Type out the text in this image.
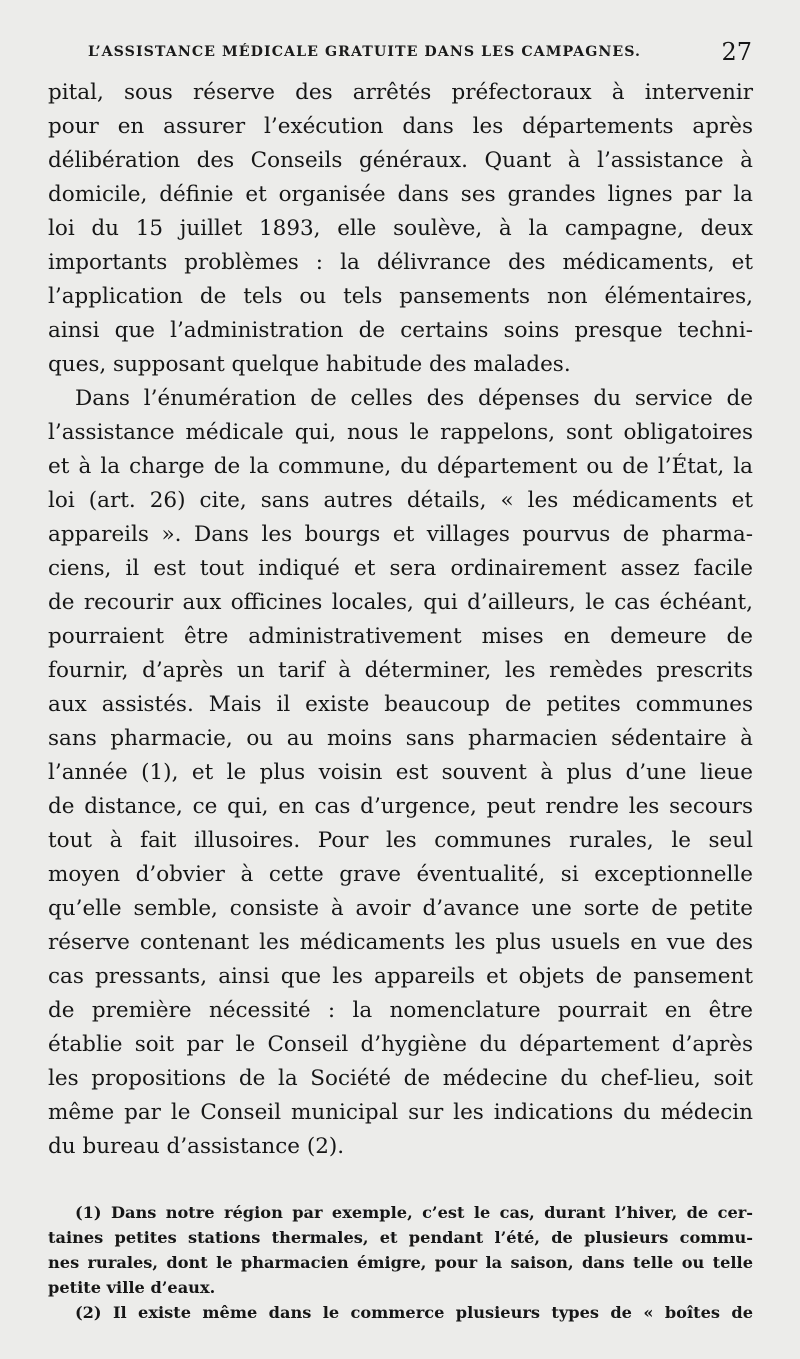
L’ASSISTANCE MÉDICALE GRATUITE DANS LES CAMPAGNES.	27
pital, sous réserve des arrêtés préfectoraux à intervenir
pour en assurer l’exécution dans les départements après
délibération des Conseils généraux. Quant à l’assistance à
domicile, définie et organisée dans ses grandes lignes par la
loi du 15 juillet 1893, elle soulève, à la campagne, deux
importants problèmes : la délivrance des médicaments, et
l’application de tels ou tels pansements non élémentaires,
ainsi que l’administration de certains soins presque techni-
ques, supposant quelque habitude des malades.
Dans l’énumération de celles des dépenses du service de
l’assistance médicale qui, nous le rappelons, sont obligatoires
et à la charge de la commune, du département ou de l’État, la
loi (art. 26) cite, sans autres détails, « les médicaments et
appareils ». Dans les bourgs et villages pourvus de pharma-
ciens, il est tout indiqué et sera ordinairement assez facile
de recourir aux officines locales, qui d’ailleurs, le cas échéant,
pourraient être administrativement mises en demeure de
fournir, d’après un tarif à déterminer, les remèdes prescrits
aux assistés. Mais il existe beaucoup de petites communes
sans pharmacie, ou au moins sans pharmacien sédentaire à
l’année (1), et le plus voisin est souvent à plus d’une lieue
de distance, ce qui, en cas d’urgence, peut rendre les secours
tout à fait illusoires. Pour les communes rurales, le seul
moyen d’obvier à cette grave éventualité, si exceptionnelle
qu’elle semble, consiste à avoir d’avance une sorte de petite
réserve contenant les médicaments les plus usuels en vue des
cas pressants, ainsi que les appareils et objets de pansement
de première nécessité : la nomenclature pourrait en être
établie soit par le Conseil d’hygiène du département d’après
les propositions de la Société de médecine du chef-lieu, soit
même par le Conseil municipal sur les indications du médecin
du bureau d’assistance (2).
(1) Dans notre région par exemple, c’est le cas, durant l’hiver, de cer-
taines petites stations thermales, et pendant l’été, de plusieurs commu-
nes rurales, dont le pharmacien émigre, pour la saison, dans telle ou telle
petite ville d’eaux.
(2) Il existe même dans le commerce plusieurs types de « boîtes de
